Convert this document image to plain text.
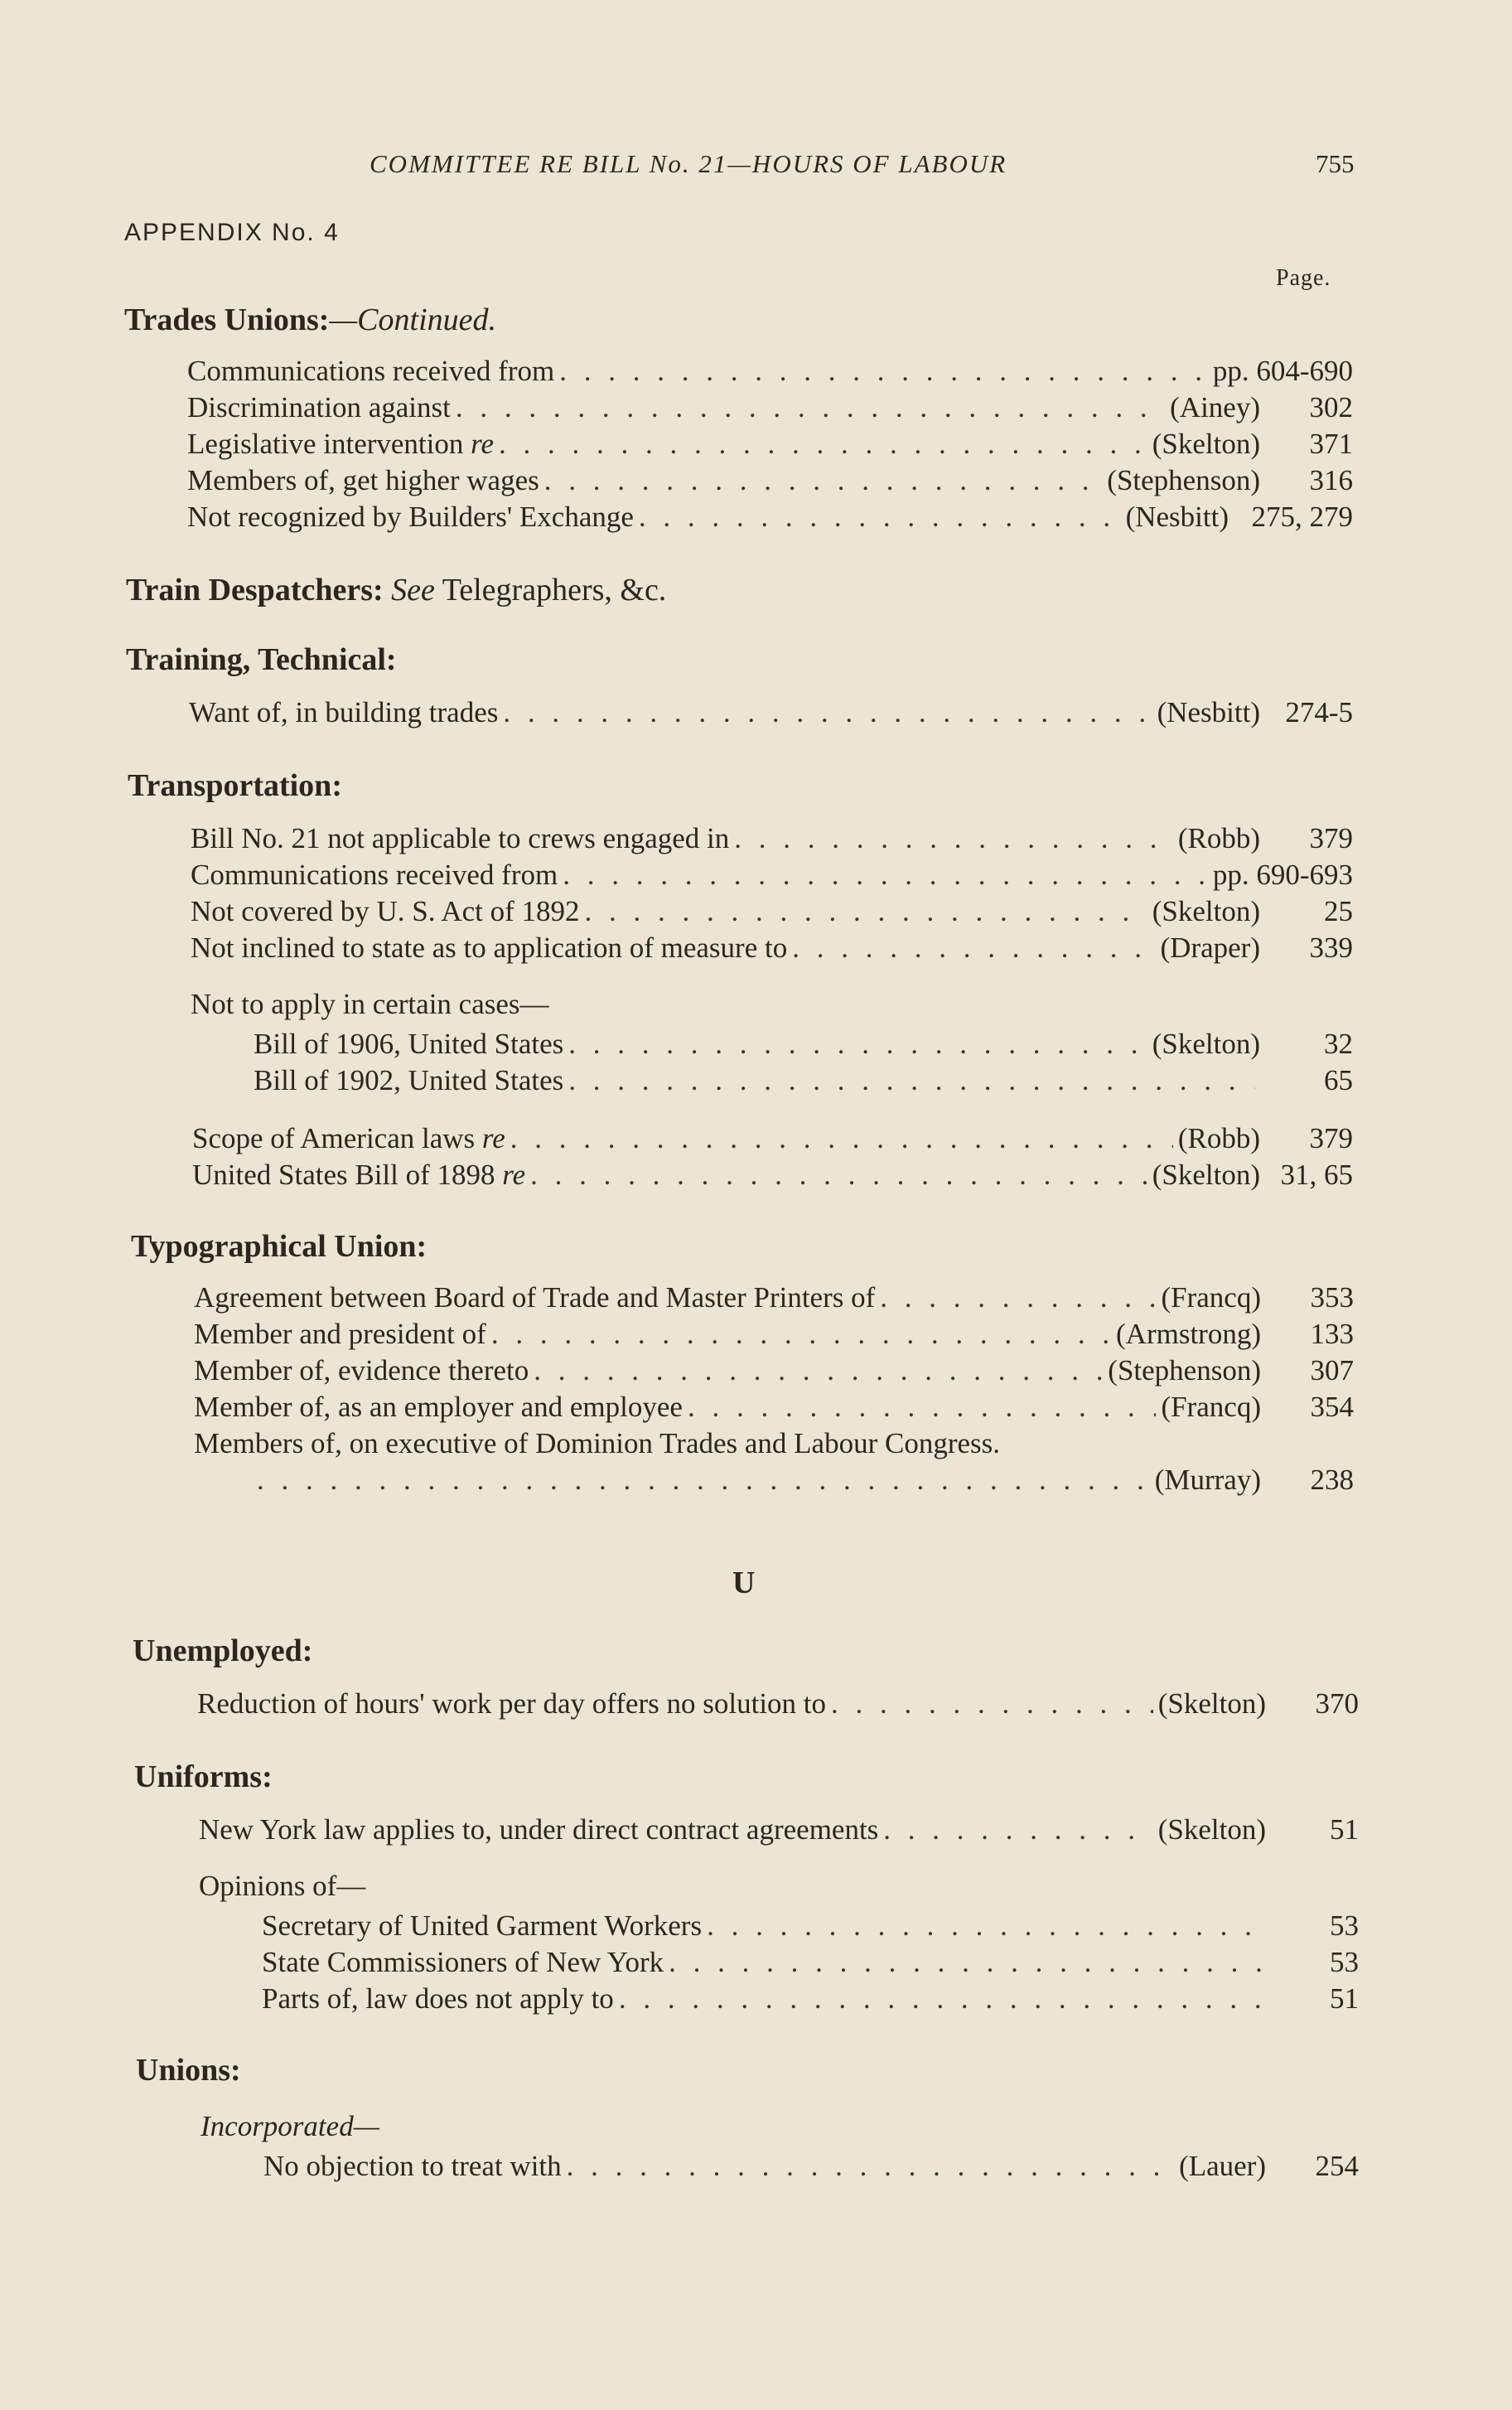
COMMITTEE RE BILL No. 21—HOURS OF LABOUR	755
APPENDIX No. 4
Page.
Trades Unions:—Continued.
Communications received from . . .	pp. 604-690
Discrimination against . . .	(Ainey)	302
Legislative intervention re . . .	(Skelton)	371
Members of, get higher wages . . .	(Stephenson)	316
Not recognized by Builders' Exchange . . .	(Nesbitt) 275, 279
Train Despatchers: See Telegraphers, &c.
Training, Technical:
Want of, in building trades . . .	(Nesbitt) 274-5
Transportation:
Bill No. 21 not applicable to crews engaged in . . .	(Robb)	379
Communications received from . . .	pp. 690-693
Not covered by U. S. Act of 1892 . . .	(Skelton)	25
Not inclined to state as to application of measure to . . .	(Draper)	339
Not to apply in certain cases—
Bill of 1906, United States . . .	(Skelton)	32
Bill of 1902, United States . . .	65
Scope of American laws re . . .	(Robb)	379
United States Bill of 1898 re . . .	(Skelton) 31, 65
Typographical Union:
Agreement between Board of Trade and Master Printers of . . .	(Francq)	353
Member and president of . . .	(Armstrong)	133
Member of, evidence thereto . . .	(Stephenson)	307
Member of, as an employer and employee . . .	(Francq)	354
Members of, on executive of Dominion Trades and Labour Congress.
. . .
(Murray)	238
U
Unemployed:
Reduction of hours' work per day offers no solution to . . .	(Skelton)	370
Uniforms:
New York law applies to, under direct contract agreements . . .	(Skelton)	51
Opinions of—
Secretary of United Garment Workers . . .	53
State Commissioners of New York . . .	53
Parts of, law does not apply to . . .	51
Unions:
Incorporated—
No objection to treat with . . .	(Lauer)	254
